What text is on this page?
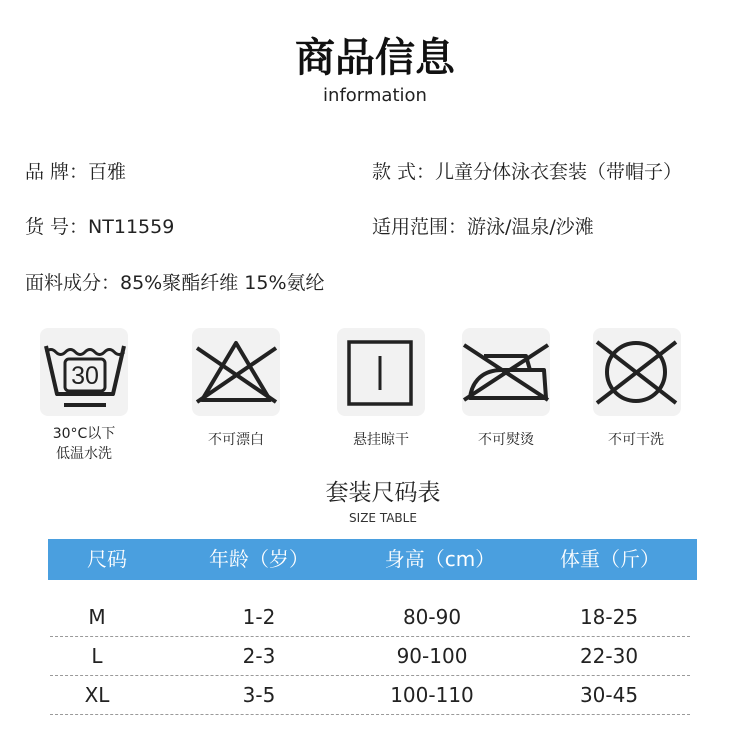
商品信息
information
品 牌：百雅	款 式：儿童分体泳衣套装（带帽子）
货 号：NT11559	适用范围：游泳/温泉/沙滩
面料成分：85%聚酯纤维 15%氨纶
30
30°C以下
低温水洗
不可漂白	悬挂晾干	不可熨烫	不可干洗
套装尺码表
SIZE TABLE
尺码	年龄（岁）	身高（cm）	体重（斤）
M	1-2	80-90	18-25
L	2-3	90-100	22-30
XL	3-5	100-110	30-45
